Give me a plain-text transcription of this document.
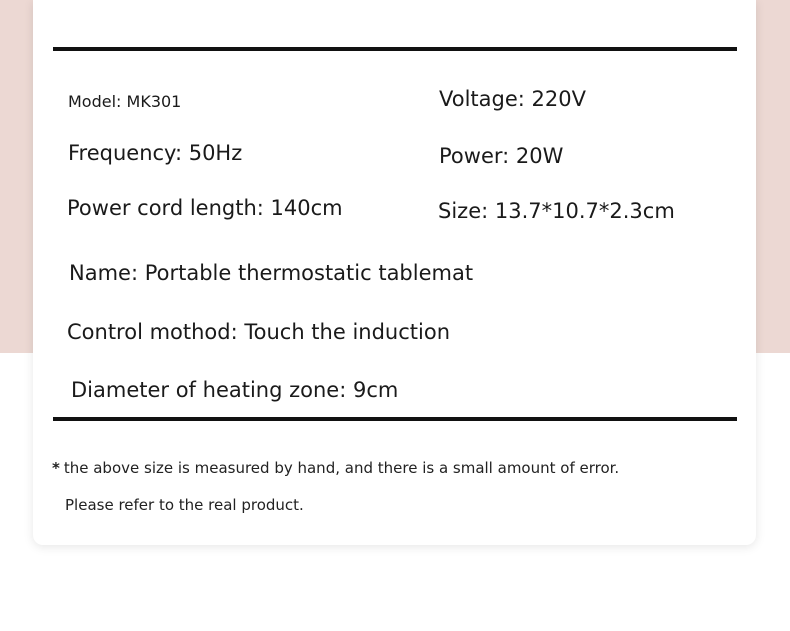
Model: MK301	Voltage: 220V
Frequency: 50Hz	Power: 20W
Power cord length: 140cm	Size: 13.7*10.7*2.3cm
Name: Portable thermostatic tablemat
Control mothod: Touch the induction
Diameter of heating zone: 9cm
* the above size is measured by hand, and there is a small amount of error.
Please refer to the real product.
